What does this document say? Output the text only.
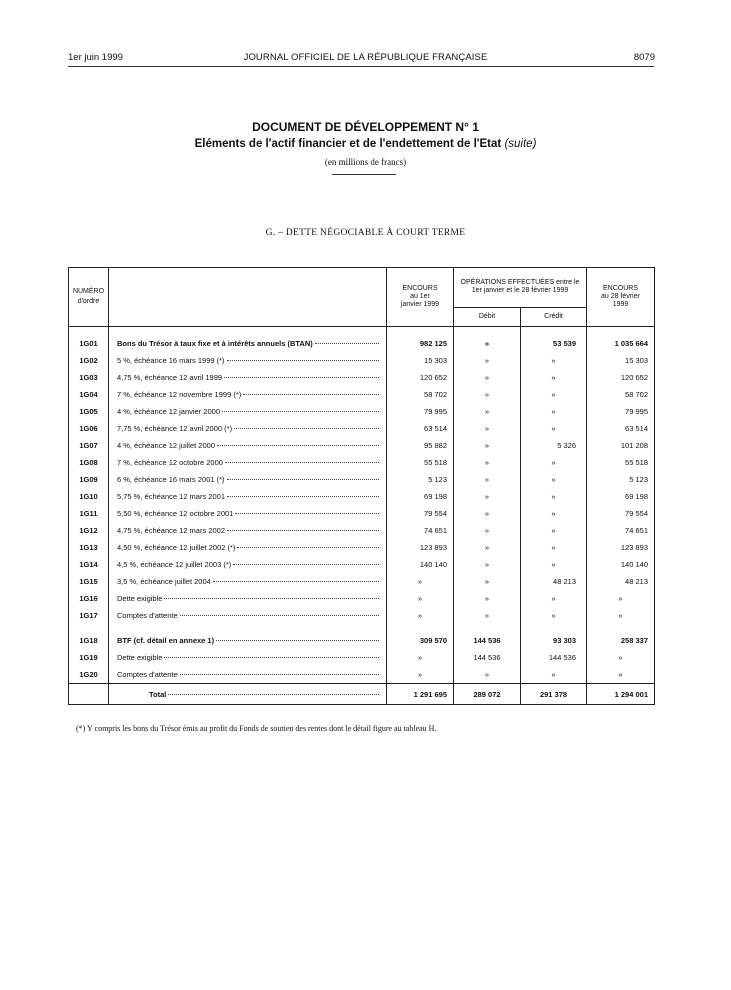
1er juin 1999	JOURNAL OFFICIEL DE LA RÉPUBLIQUE FRANÇAISE	8079
DOCUMENT DE DÉVELOPPEMENT N° 1
Eléments de l'actif financier et de l'endettement de l'Etat (suite)
(en millions de francs)
G. – DETTE NÉGOCIABLE À COURT TERME
NUMÉRO d'ordre		ENCOURS au 1er janvier 1999	OPÉRATIONS EFFECTUÉES entre le 1er janvier et le 28 février 1999		ENCOURS au 28 février 1999

			Débit	Crédit	

1G01	Bons du Trésor à taux fixe et à intérêts annuels (BTAN)	982 125	»	53 539	1 035 664
1G02	5 %, échéance 16 mars 1999 (*)	15 303	»	»	15 303
1G03	4,75 %, échéance 12 avril 1999	120 652	»	»	120 652
1G04	7 %, échéance 12 novembre 1999 (*)	58 702	»	»	58 702
1G05	4 %, échéance 12 janvier 2000	79 995	»	»	79 995
1G06	7,75 %, échéance 12 avril 2000 (*)	63 514	»	»	63 514
1G07	4 %, échéance 12 juillet 2000	95 882	»	5 326	101 208
1G08	7 %, échéance 12 octobre 2000	55 518	»	»	55 518
1G09	6 %, échéance 16 mars 2001 (*)	5 123	»	»	5 123
1G10	5,75 %, échéance 12 mars 2001	69 198	»	»	69 198
1G11	5,50 %, échéance 12 octobre 2001	79 554	»	»	79 554
1G12	4,75 %, échéance 12 mars 2002	74 651	»	»	74 651
1G13	4,50 %, échéance 12 juillet 2002 (*)	123 893	»	»	123 893
1G14	4,5 %, échéance 12 juillet 2003 (*)	140 140	»	»	140 140
1G15	3,5 %, échéance juillet 2004	»	»	48 213	48 213
1G16	Dette exigible	»	»	»	»
1G17	Comptes d'attente	»	»	»	»

1G18	BTF (cf. détail en annexe 1)	309 570	144 536	93 303	258 337
1G19	Dette exigible	»	144 536	144 536	»
1G20	Comptes d'attente	»	»	»	»

	Total	1 291 695	289 072	291 378	1 294 001
(*) Y compris les bons du Trésor émis au profit du Fonds de soutien des rentes dont le détail figure au tableau H.
